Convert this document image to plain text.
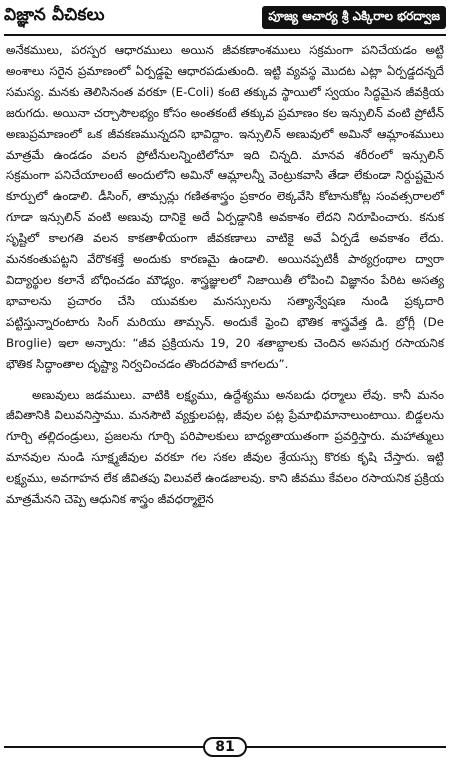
విజ్ఞాన వీచికలు	పూజ్య ఆచార్య శ్రీ ఎక్కిరాల భరద్వాజ

అనేకములు, పరస్పర ఆధారములు అయిన జీవకణాంశములు సక్రమంగా పనిచేయడం అట్టి అంశాలు సరైన ప్రమాణంలో ఏర్పడ్డపై ఆధారపడుతుంది. ఇట్టి వ్యవస్థ మొదట ఎట్లా ఏర్పడ్డదన్నదే సమస్య. మనకు తెలిసినంత వరకూ (E-Coli) కంటె తక్కువ స్థాయిలో స్వయం సిద్ధమైన జీవక్రియ జరుగదు. అయినా చర్చాసౌలభ్యం కోసం అంతకంటే తక్కువ ప్రమాణం కల ఇన్సులిన్ వంటి ప్రోటీన్ అణుప్రమాణంలో ఒక జీవకణమున్నదని భావిద్దాం. ఇన్సులిన్ అణువులో అమినో ఆమ్లాంశములు మాత్రమే ఉండడం వలన ప్రోటీనులన్నింటిలోనూ ఇది చిన్నది. మానవ శరీరంలో ఇన్సులిన్ సక్రమంగా పనిచేయాలంటే అందులోని అమినో ఆమ్లాలన్నీ వెంట్రుకవాసి తేడా లేకుండా నిర్దుష్టమైన కూర్పులో ఉండాలి. డీసింగ్, తామ్సన్లు గణితశాస్త్రం ప్రకారం లెక్కవేసి కోటానుకోట్ల సంవత్సరాలలో గూడా ఇన్సులిన్ వంటి అణువు దానికై అదే ఏర్పడ్డానికి అవకాశం లేదని నిరూపించారు. కనుక సృష్టిలో కాలగతి వలన కాకతాళీయంగా జీవకణాలు వాటికై అవే ఏర్పడే అవకాశం లేదు. మనకంతుపట్టని వేరొకశక్తే అందుకు కారణమై ఉండాలి. అయినప్పటికీ పాఠ్యగ్రంథాల ద్వారా విద్యార్థుల కలానే బోధించడం మౌఢ్యం. శాస్త్రజ్ఞులలో నిజాయితీ లోపించి విజ్ఞానం పేరిట అసత్య భావాలను ప్రచారం చేసి యువకుల మనస్సులను సత్యాన్వేషణ నుండి ప్రక్కదారి పట్టిస్తున్నారంటారు సింగ్ మరియు తామ్సన్. అందుకే ఫ్రెంచి భౌతిక శాస్త్రవేత్త డి. బ్రోగ్లీ (De Broglie) ఇలా అన్నారు: “జీవ ప్రక్రియను 19, 20 శతాబ్దాలకు చెందిన అసమగ్ర రసాయనిక భౌతిక సిద్ధాంతాల దృష్ట్యా నిర్వచించడం తొందరపాటే కాగలదు”.

అణువులు జడములు. వాటికి లక్ష్యము, ఉద్దేశ్యము అనబడు ధర్మాలు లేవు. కానీ మనం జీవితానికి విలువనిస్తాము. మనసౌటి వ్యక్తులపట్ల, జీవుల పట్ల ప్రేమాభిమానాలుంటాయి. బిడ్డలను గూర్చి తల్లిదండ్రులు, ప్రజలను గూర్చి పరిపాలకులు బాధ్యతాయుతంగా ప్రవర్తిస్తారు. మహాత్ములు మానవుల నుండి సూక్ష్మజీవుల వరకూ గల సకల జీవుల శ్రేయస్సు కొరకు కృషి చేస్తారు. ఇట్టి లక్ష్యము, అవగాహన లేక జీవితపు విలువలే ఉండజాలవు. కాని జీవము కేవలం రసాయనిక ప్రక్రియ మాత్రమేనని చెప్పె ఆధునిక శాస్త్రం జీవధర్మాలైన

81
